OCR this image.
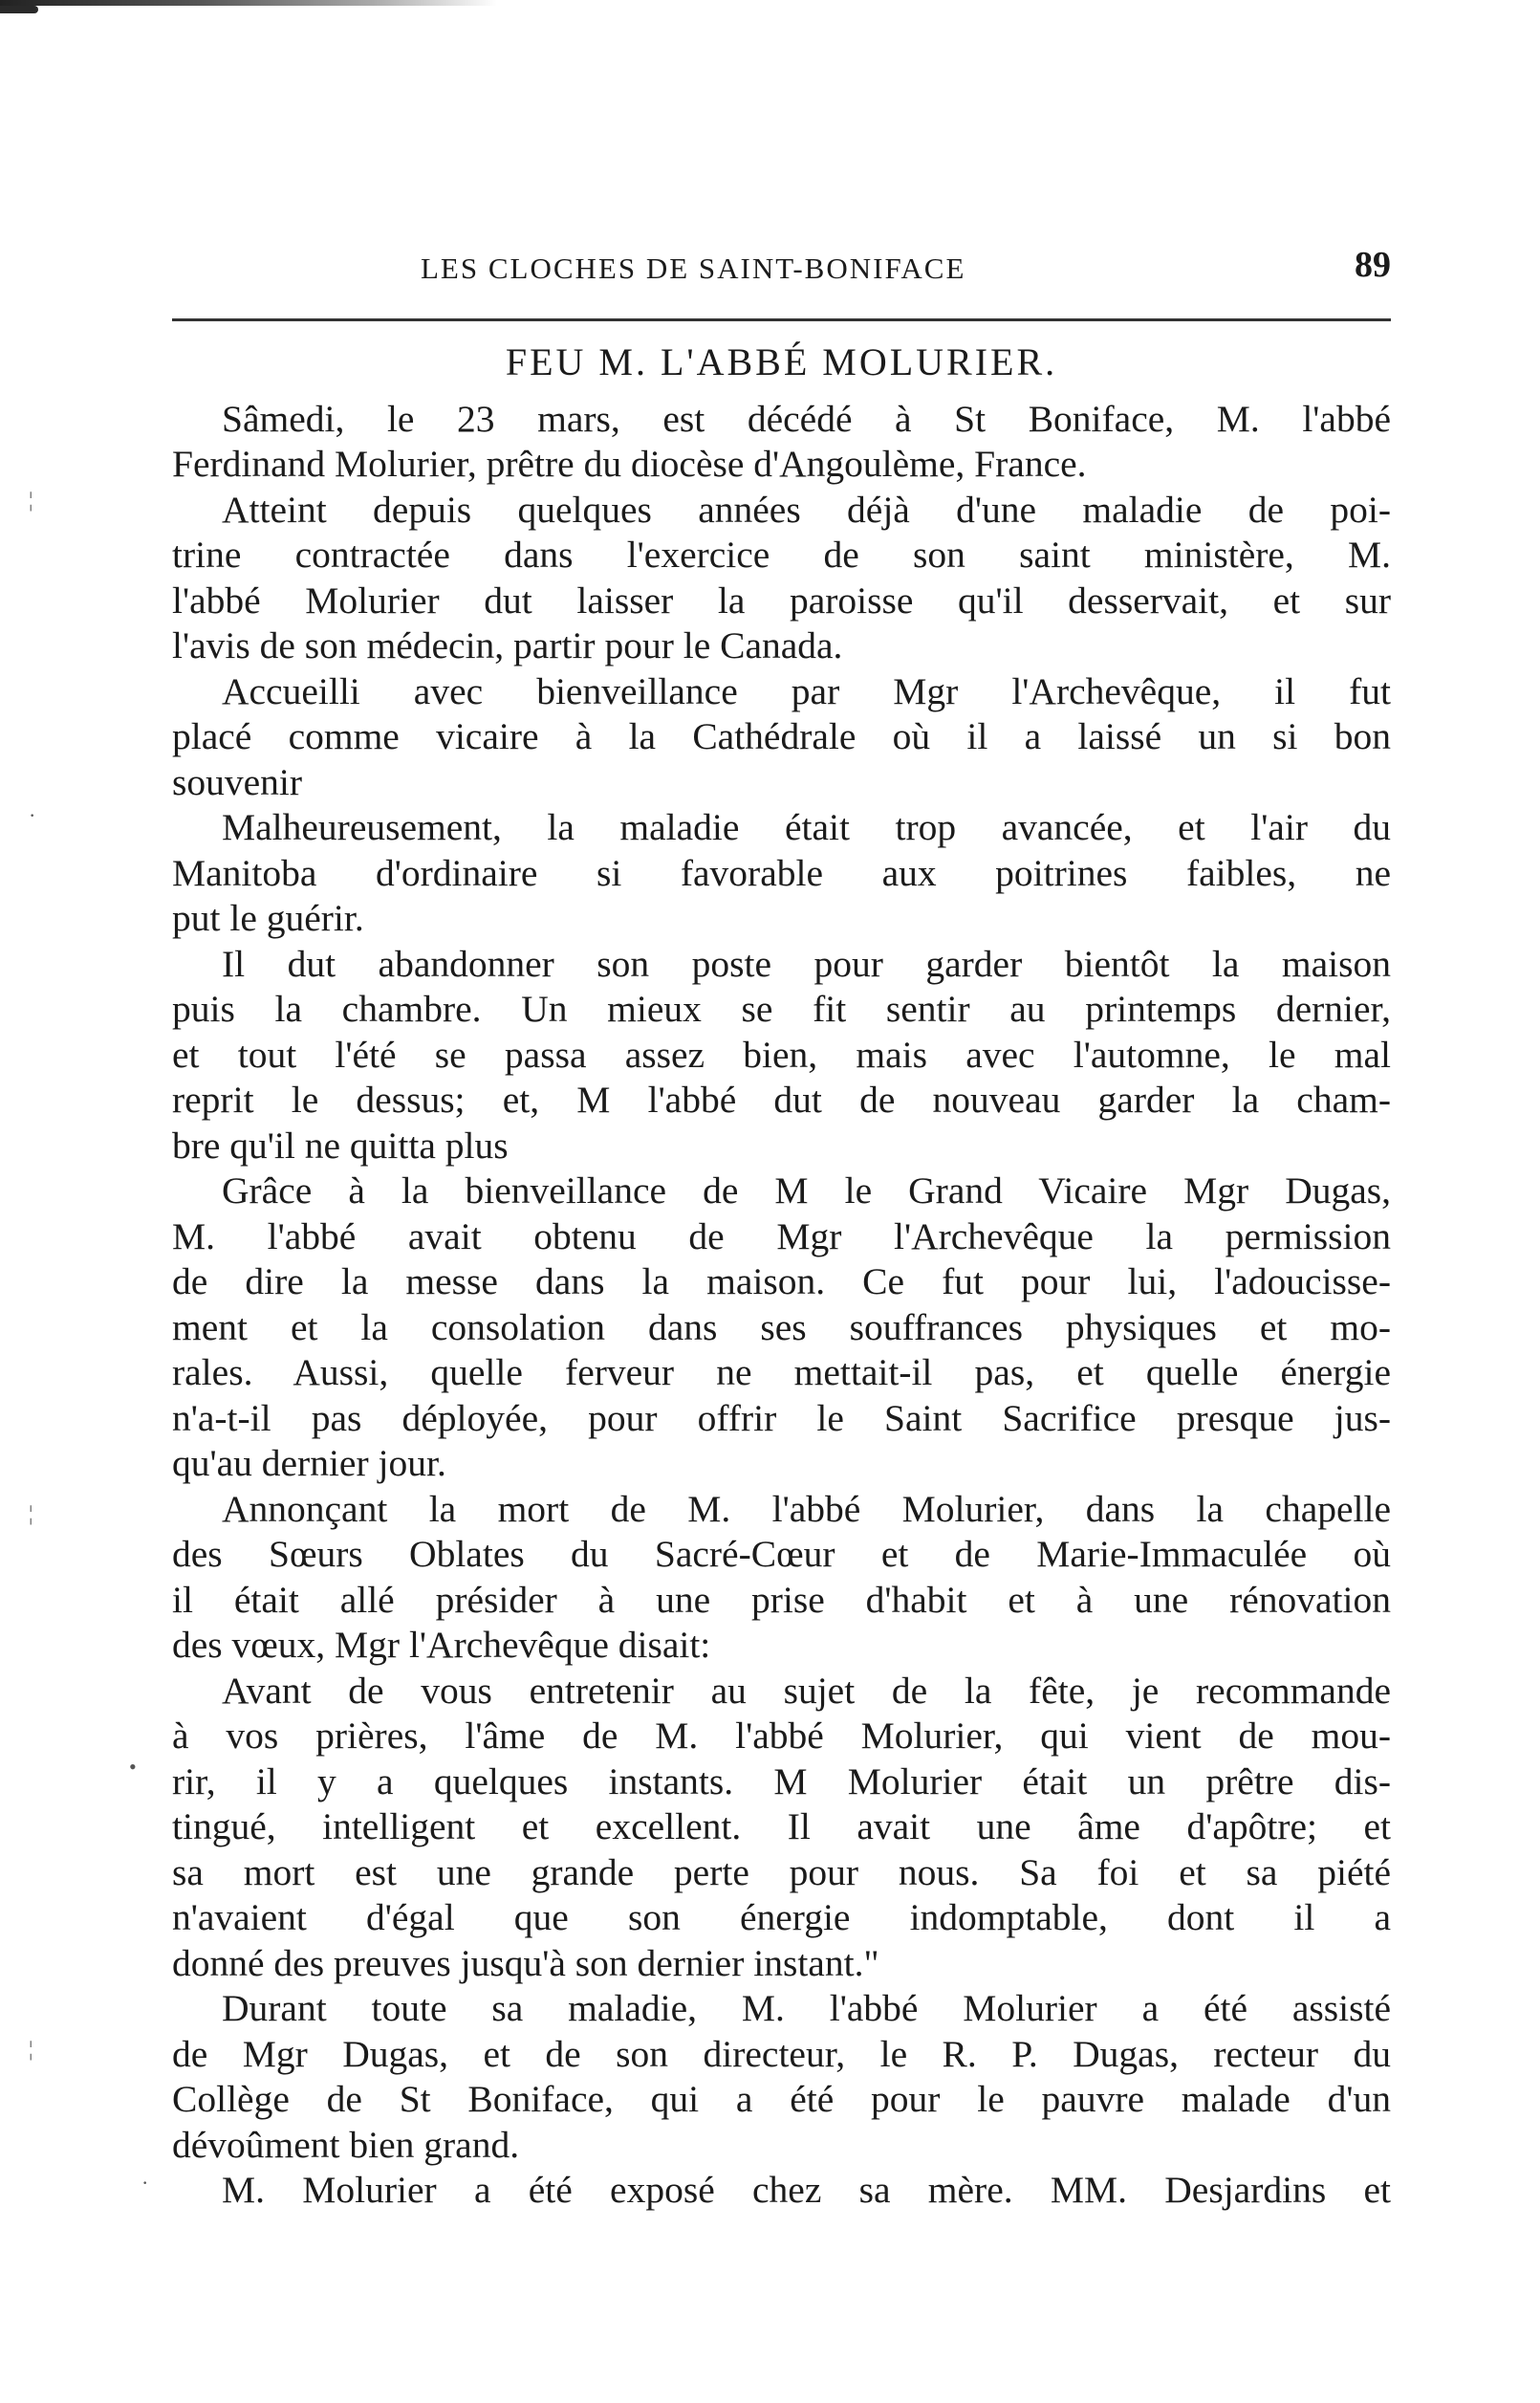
LES CLOCHES DE SAINT-BONIFACE	89
FEU M. L'ABBÉ MOLURIER.
Sâmedi, le 23 mars, est décédé à St Boniface, M. l'abbé
Ferdinand Molurier, prêtre du diocèse d'Angoulème, France.
Atteint depuis quelques années déjà d'une maladie de poi-
trine contractée dans l'exercice de son saint ministère, M.
l'abbé Molurier dut laisser la paroisse qu'il desservait, et sur
l'avis de son médecin, partir pour le Canada.
Accueilli avec bienveillance par Mgr l'Archevêque, il fut
placé comme vicaire à la Cathédrale où il a laissé un si bon
souvenir
Malheureusement, la maladie était trop avancée, et l'air du
Manitoba d'ordinaire si favorable aux poitrines faibles, ne
put le guérir.
Il dut abandonner son poste pour garder bientôt la maison
puis la chambre. Un mieux se fit sentir au printemps dernier,
et tout l'été se passa assez bien, mais avec l'automne, le mal
reprit le dessus; et, M l'abbé dut de nouveau garder la cham-
bre qu'il ne quitta plus
Grâce à la bienveillance de M le Grand Vicaire Mgr Dugas,
M. l'abbé avait obtenu de Mgr l'Archevêque la permission
de dire la messe dans la maison. Ce fut pour lui, l'adoucisse-
ment et la consolation dans ses souffrances physiques et mo-
rales. Aussi, quelle ferveur ne mettait-il pas, et quelle énergie
n'a-t-il pas déployée, pour offrir le Saint Sacrifice presque jus-
qu'au dernier jour.
Annonçant la mort de M. l'abbé Molurier, dans la chapelle
des Sœurs Oblates du Sacré-Cœur et de Marie-Immaculée où
il était allé présider à une prise d'habit et à une rénovation
des vœux, Mgr l'Archevêque disait:
Avant de vous entretenir au sujet de la fête, je recommande
à vos prières, l'âme de M. l'abbé Molurier, qui vient de mou-
rir, il y a quelques instants. M Molurier était un prêtre dis-
tingué, intelligent et excellent. Il avait une âme d'apôtre; et
sa mort est une grande perte pour nous. Sa foi et sa piété
n'avaient d'égal que son énergie indomptable, dont il a
donné des preuves jusqu'à son dernier instant."
Durant toute sa maladie, M. l'abbé Molurier a été assisté
de Mgr Dugas, et de son directeur, le R. P. Dugas, recteur du
Collège de St Boniface, qui a été pour le pauvre malade d'un
dévoûment bien grand.
M. Molurier a été exposé chez sa mère. MM. Desjardins et
¦
·
¦
•
¦
·
